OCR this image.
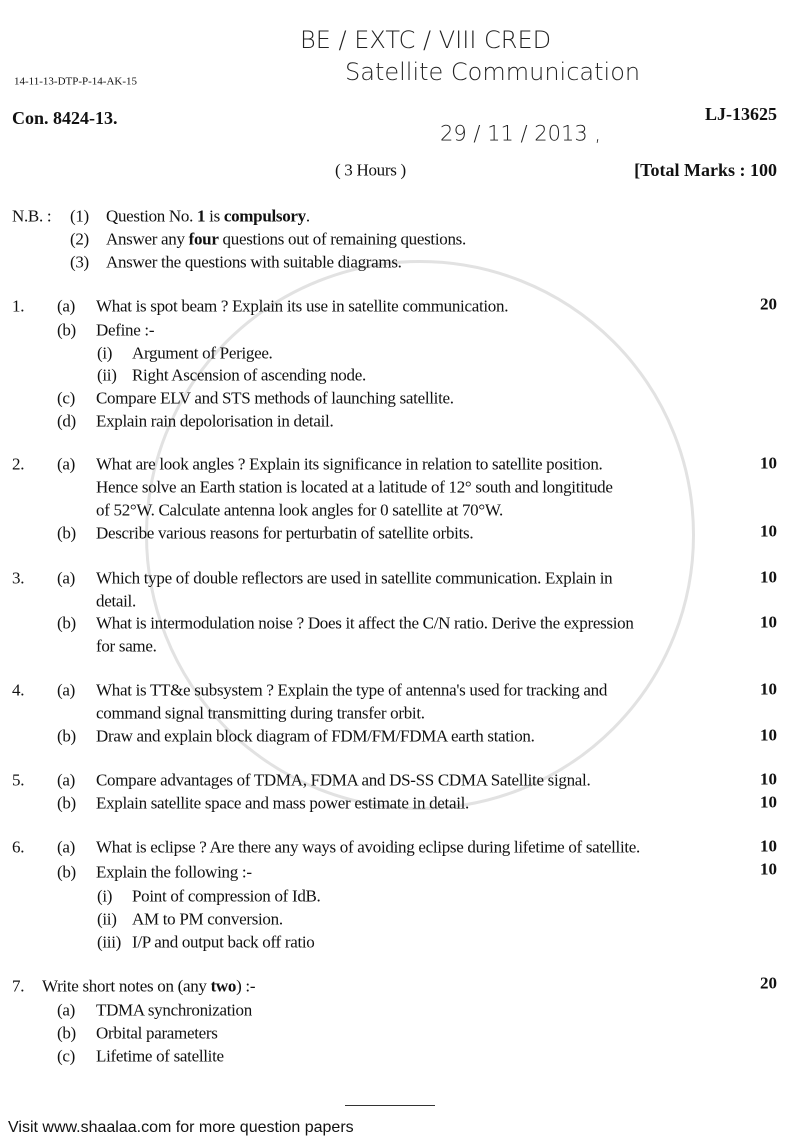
BE / EXTC / VIII CRED
Satellite Communication
14-11-13-DTP-P-14-AK-15
Con. 8424-13.
29 / 11 / 2013 ,
LJ-13625
( 3 Hours )	[Total Marks : 100
N.B. : (1) Question No. 1 is compulsory.
(2) Answer any four questions out of remaining questions.
(3) Answer the questions with suitable diagrams.
1. (a) What is spot beam ? Explain its use in satellite communication.	20
(b) Define :-
(i) Argument of Perigee.
(ii) Right Ascension of ascending node.
(c) Compare ELV and STS methods of launching satellite.
(d) Explain rain depolorisation in detail.
2. (a) What are look angles ? Explain its significance in relation to satellite position.	10
Hence solve an Earth station is located at a latitude of 12° south and longititude
of 52°W. Calculate antenna look angles for 0 satellite at 70°W.
(b) Describe various reasons for perturbatin of satellite orbits.	10
3. (a) Which type of double reflectors are used in satellite communication. Explain in	10
detail.
(b) What is intermodulation noise ? Does it affect the C/N ratio. Derive the expression	10
for same.
4. (a) What is TT&e subsystem ? Explain the type of antenna's used for tracking and	10
command signal transmitting during transfer orbit.
(b) Draw and explain block diagram of FDM/FM/FDMA earth station.	10
5. (a) Compare advantages of TDMA, FDMA and DS-SS CDMA Satellite signal.	10
(b) Explain satellite space and mass power estimate in detail.	10
6. (a) What is eclipse ? Are there any ways of avoiding eclipse during lifetime of satellite.	10
(b) Explain the following :-	10
(i) Point of compression of IdB.
(ii) AM to PM conversion.
(iii) I/P and output back off ratio
7. Write short notes on (any two) :-	20
(a) TDMA synchronization
(b) Orbital parameters
(c) Lifetime of satellite
Visit www.shaalaa.com for more question papers
